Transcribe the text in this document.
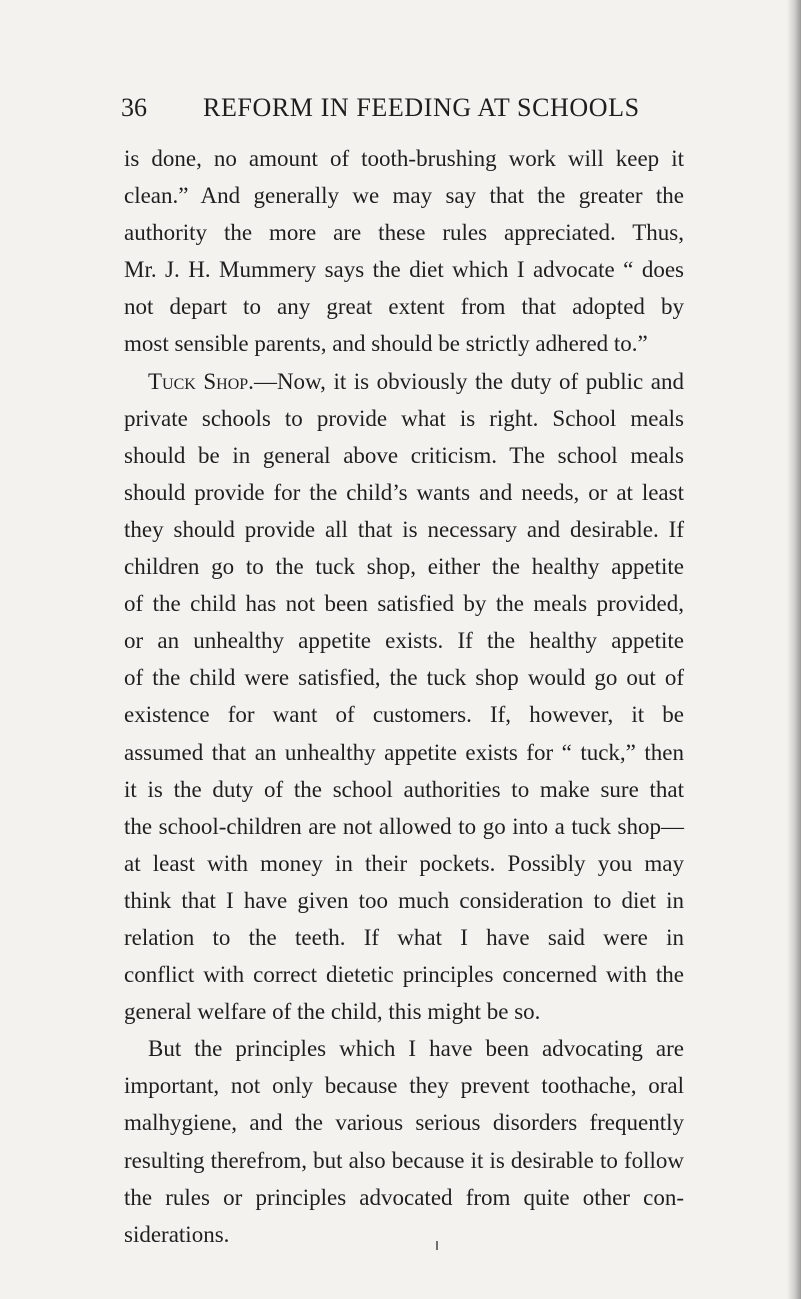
36 REFORM IN FEEDING AT SCHOOLS
is done, no amount of tooth-brushing work will keep it
clean.” And generally we may say that the greater the
authority the more are these rules appreciated. Thus,
Mr. J. H. Mummery says the diet which I advocate “ does
not depart to any great extent from that adopted by
most sensible parents, and should be strictly adhered to.”
Tuck Shop.—Now, it is obviously the duty of public and
private schools to provide what is right. School meals
should be in general above criticism. The school meals
should provide for the child’s wants and needs, or at least
they should provide all that is necessary and desirable. If
children go to the tuck shop, either the healthy appetite
of the child has not been satisfied by the meals provided,
or an unhealthy appetite exists. If the healthy appetite
of the child were satisfied, the tuck shop would go out of
existence for want of customers. If, however, it be
assumed that an unhealthy appetite exists for “ tuck,” then
it is the duty of the school authorities to make sure that
the school-children are not allowed to go into a tuck shop—
at least with money in their pockets. Possibly you may
think that I have given too much consideration to diet in
relation to the teeth. If what I have said were in
conflict with correct dietetic principles concerned with the
general welfare of the child, this might be so.
But the principles which I have been advocating are
important, not only because they prevent toothache, oral
malhygiene, and the various serious disorders frequently
resulting therefrom, but also because it is desirable to follow
the rules or principles advocated from quite other con-
siderations.
